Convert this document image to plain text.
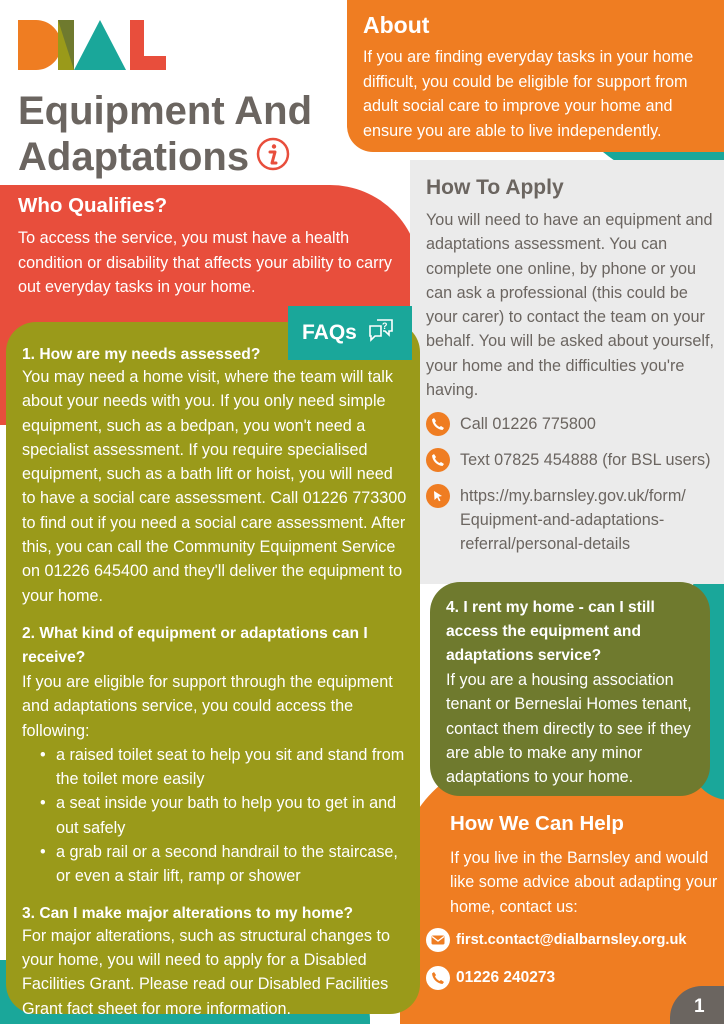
Equipment And
Adaptations
About

If you are finding everyday tasks in your home difficult, you could be eligible for support from adult social care to improve your home and ensure you are able to live independently.

Who Qualifies?

To access the service, you must have a health condition or disability that affects your ability to carry out everyday tasks in your home.

How To Apply

You will need to have an equipment and adaptations assessment. You can complete one online, by phone or you can ask a professional (this could be your carer) to contact the team on your behalf. You will be asked about yourself, your home and the difficulties you're having.

Call 01226 775800
Text 07825 454888 (for BSL users)
https://my.barnsley.gov.uk/form/ Equipment-and-adaptations- referral/personal-details
1. How are my needs assessed?

You may need a home visit, where the team will talk about your needs with you. If you only need simple equipment, such as a bedpan, you won't need a specialist assessment. If you require specialised equipment, such as a bath lift or hoist, you will need to have a social care assessment. Call 01226 773300 to find out if you need a social care assessment. After this, you can call the Community Equipment Service on 01226 645400 and they'll deliver the equipment to your home.

2. What kind of equipment or adaptations can I receive?

If you are eligible for support through the equipment and adaptations service, you could access the following:

• a raised toilet seat to help you sit and stand from the toilet more easily
• a seat inside your bath to help you to get in and out safely
• a grab rail or a second handrail to the staircase, or even a stair lift, ramp or shower
3. Can I make major alterations to my home?

For major alterations, such as structural changes to your home, you will need to apply for a Disabled Facilities Grant. Please read our Disabled Facilities Grant fact sheet for more information.

FAQs	?
4. I rent my home - can I still access the equipment and adaptations service?

If you are a housing association tenant or Berneslai Homes tenant, contact them directly to see if they are able to make any minor adaptations to your home.

How We Can Help

If you live in the Barnsley and would like some advice about adapting your home, contact us:

first.contact@dialbarnsley.org.uk
01226 240273
1
